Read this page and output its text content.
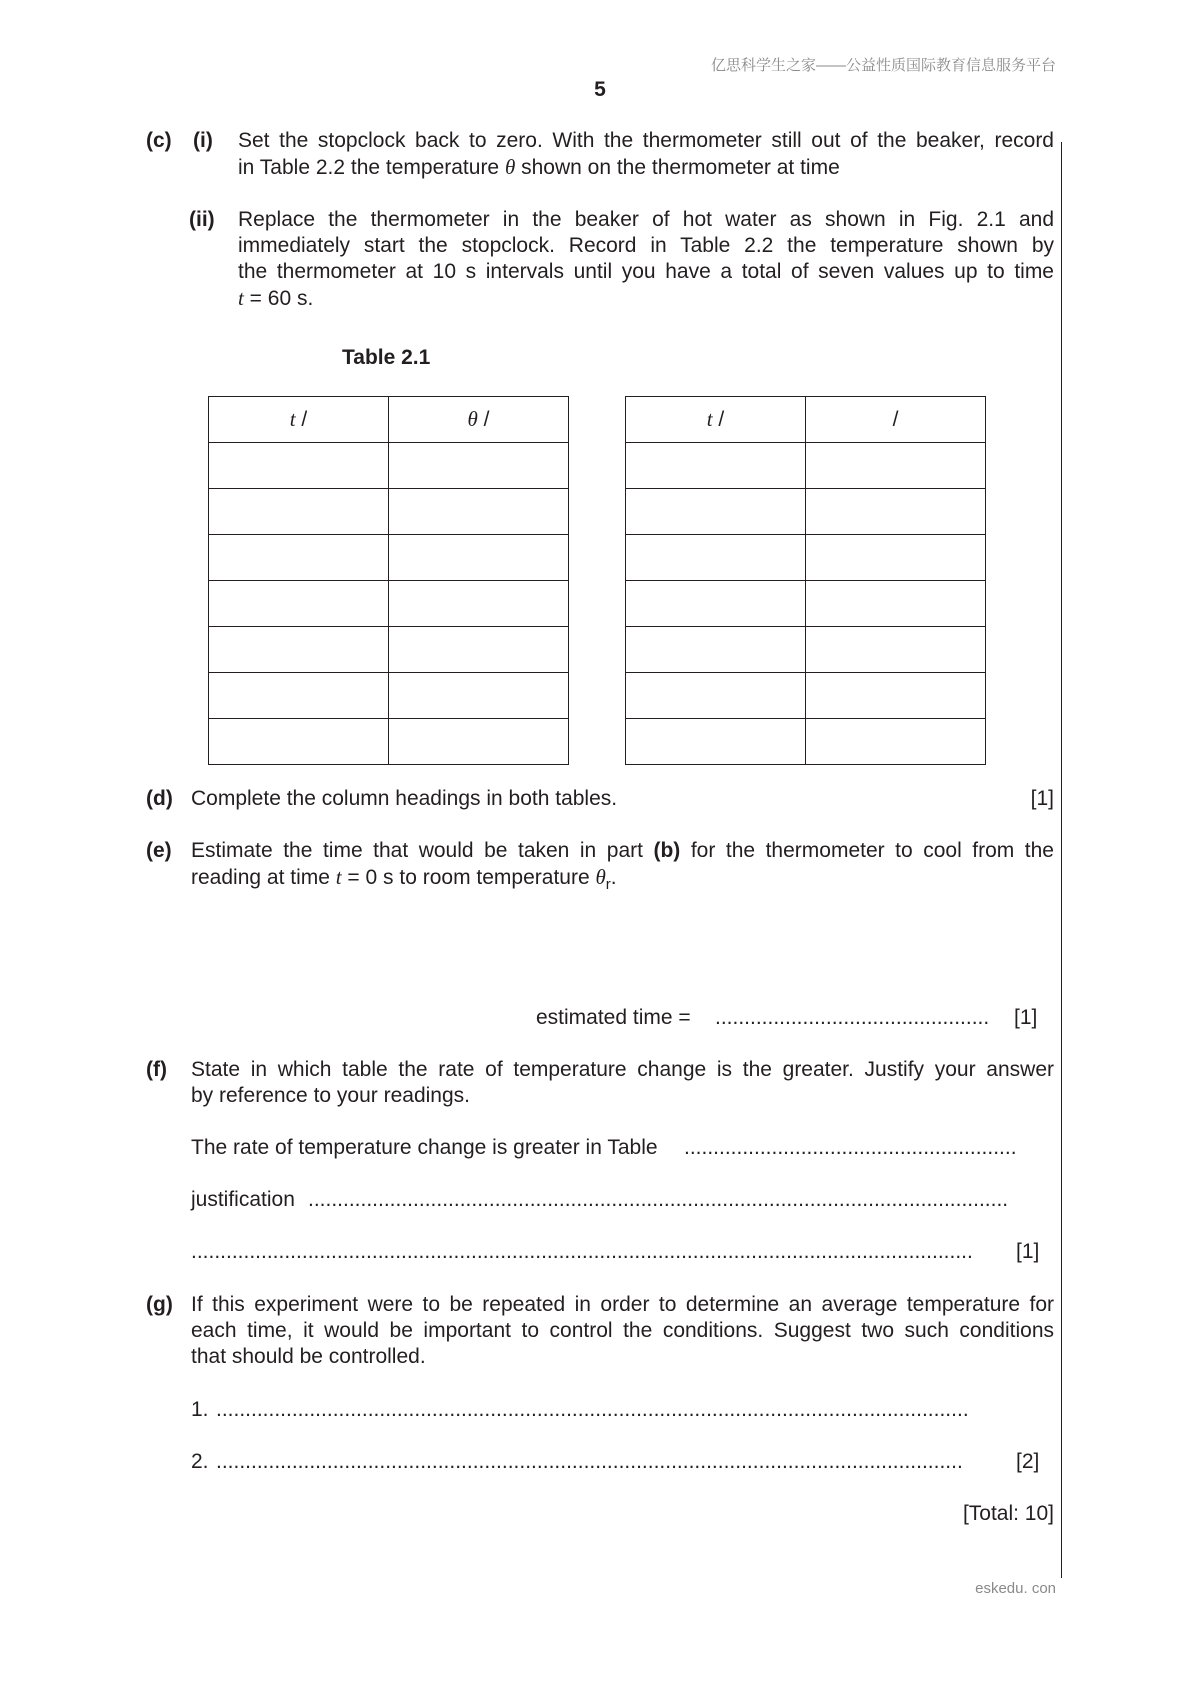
亿思科学生之家——公益性质国际教育信息服务平台
5
(c) (i) Set the stopclock back to zero. With the thermometer still out of the beaker, record
in Table 2.2 the temperature θ shown on the thermometer at time
(ii) Replace the thermometer in the beaker of hot water as shown in Fig. 2.1 and
immediately start the stopclock. Record in Table 2.2 the temperature shown by
the thermometer at 10 s intervals until you have a total of seven values up to time
t = 60 s.
Table 2.1
t /	θ /

		t /	/

(d) Complete the column headings in both tables.	[1]
(e) Estimate the time that would be taken in part (b) for the thermometer to cool from the
reading at time t = 0 s to room temperature $\theta_r$.
estimated time = ...............................................	[1]
(f) State in which table the rate of temperature change is the greater. Justify your answer
by reference to your readings.
The rate of temperature change is greater in Table .........................................................
justification ........................................................................................................................
......................................................................................................................................	[1]
(g) If this experiment were to be repeated in order to determine an average temperature for
each time, it would be important to control the conditions. Suggest two such conditions
that should be controlled.
1. .................................................................................................................................
2. ................................................................................................................................	[2]
[Total: 10]
eskedu. con
